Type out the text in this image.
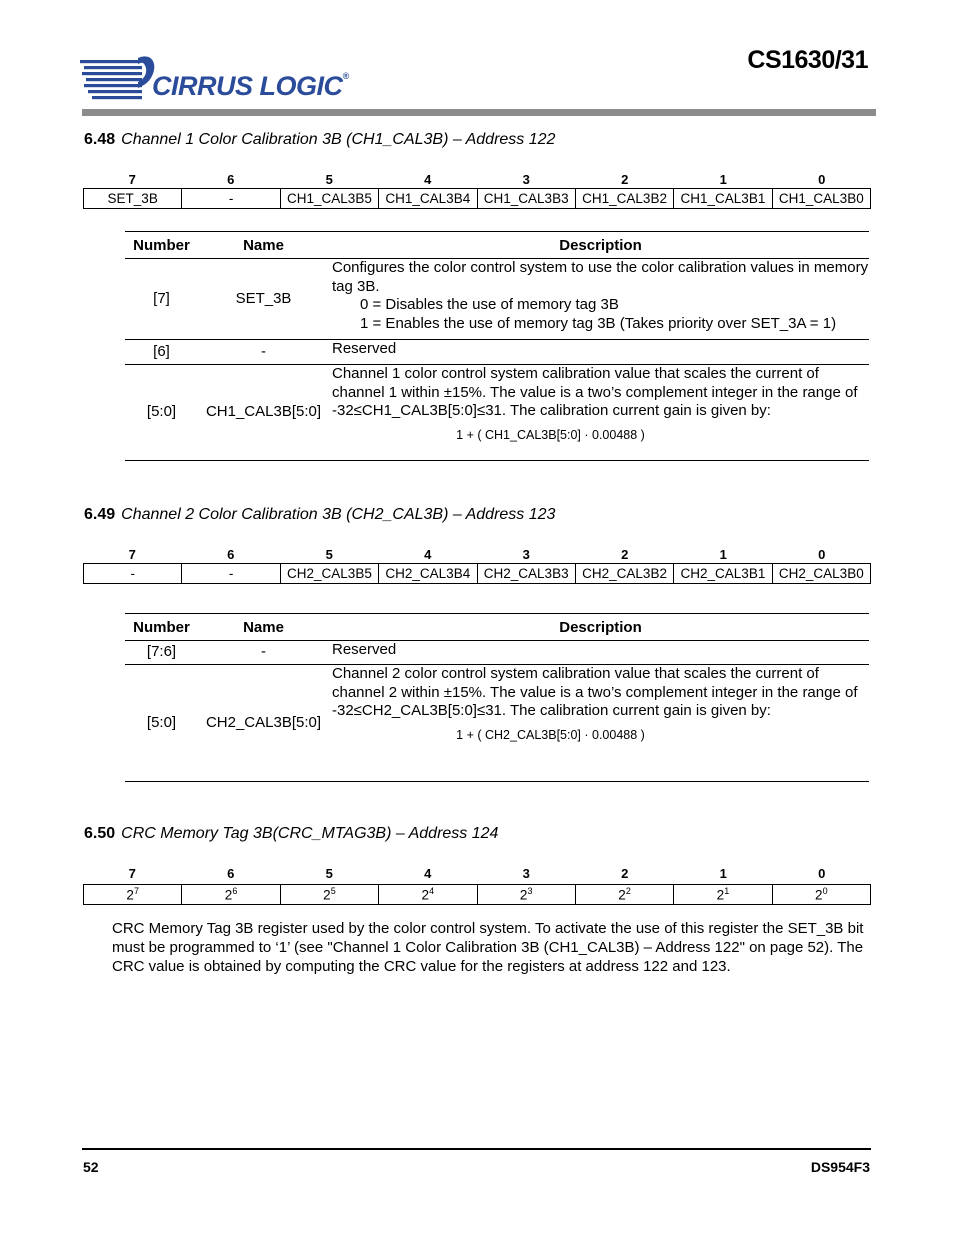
CIRRUS LOGIC®
CS1630/31
6.48 Channel 1 Color Calibration 3B (CH1_CAL3B) – Address 122
7	6	5	4	3	2	1	0
SET_3B	-	CH1_CAL3B5	CH1_CAL3B4	CH1_CAL3B3	CH1_CAL3B2	CH1_CAL3B1	CH1_CAL3B0
Number	Name	Description
[7]	SET_3B
Configures the color control system to use the color calibration values in memory tag 3B.
0 = Disables the use of memory tag 3B
1 = Enables the use of memory tag 3B (Takes priority over SET_3A = 1)
[6]	-	Reserved
[5:0]	CH1_CAL3B[5:0]
Channel 1 color control system calibration value that scales the current of channel 1 within ±15%. The value is a two’s complement integer in the range of -32≤CH1_CAL3B[5:0]≤31. The calibration current gain is given by:
1 + ( CH1_CAL3B[5:0] · 0.00488 )
6.49 Channel 2 Color Calibration 3B (CH2_CAL3B) – Address 123
7	6	5	4	3	2	1	0
-	-	CH2_CAL3B5	CH2_CAL3B4	CH2_CAL3B3	CH2_CAL3B2	CH2_CAL3B1	CH2_CAL3B0
Number	Name	Description
[7:6]	-	Reserved
[5:0]	CH2_CAL3B[5:0]
Channel 2 color control system calibration value that scales the current of channel 2 within ±15%. The value is a two’s complement integer in the range of -32≤CH2_CAL3B[5:0]≤31. The calibration current gain is given by:
1 + ( CH2_CAL3B[5:0] · 0.00488 )
6.50 CRC Memory Tag 3B(CRC_MTAG3B) – Address 124
7	6	5	4	3	2	1	0
$2^7$	$2^6$	$2^5$	$2^4$	$2^3$	$2^2$	$2^1$	$2^0$
CRC Memory Tag 3B register used by the color control system. To activate the use of this register the SET_3B bit must be programmed to ‘1’ (see "Channel 1 Color Calibration 3B (CH1_CAL3B) – Address 122" on page 52). The CRC value is obtained by computing the CRC value for the registers at address 122 and 123.
52	DS954F3
